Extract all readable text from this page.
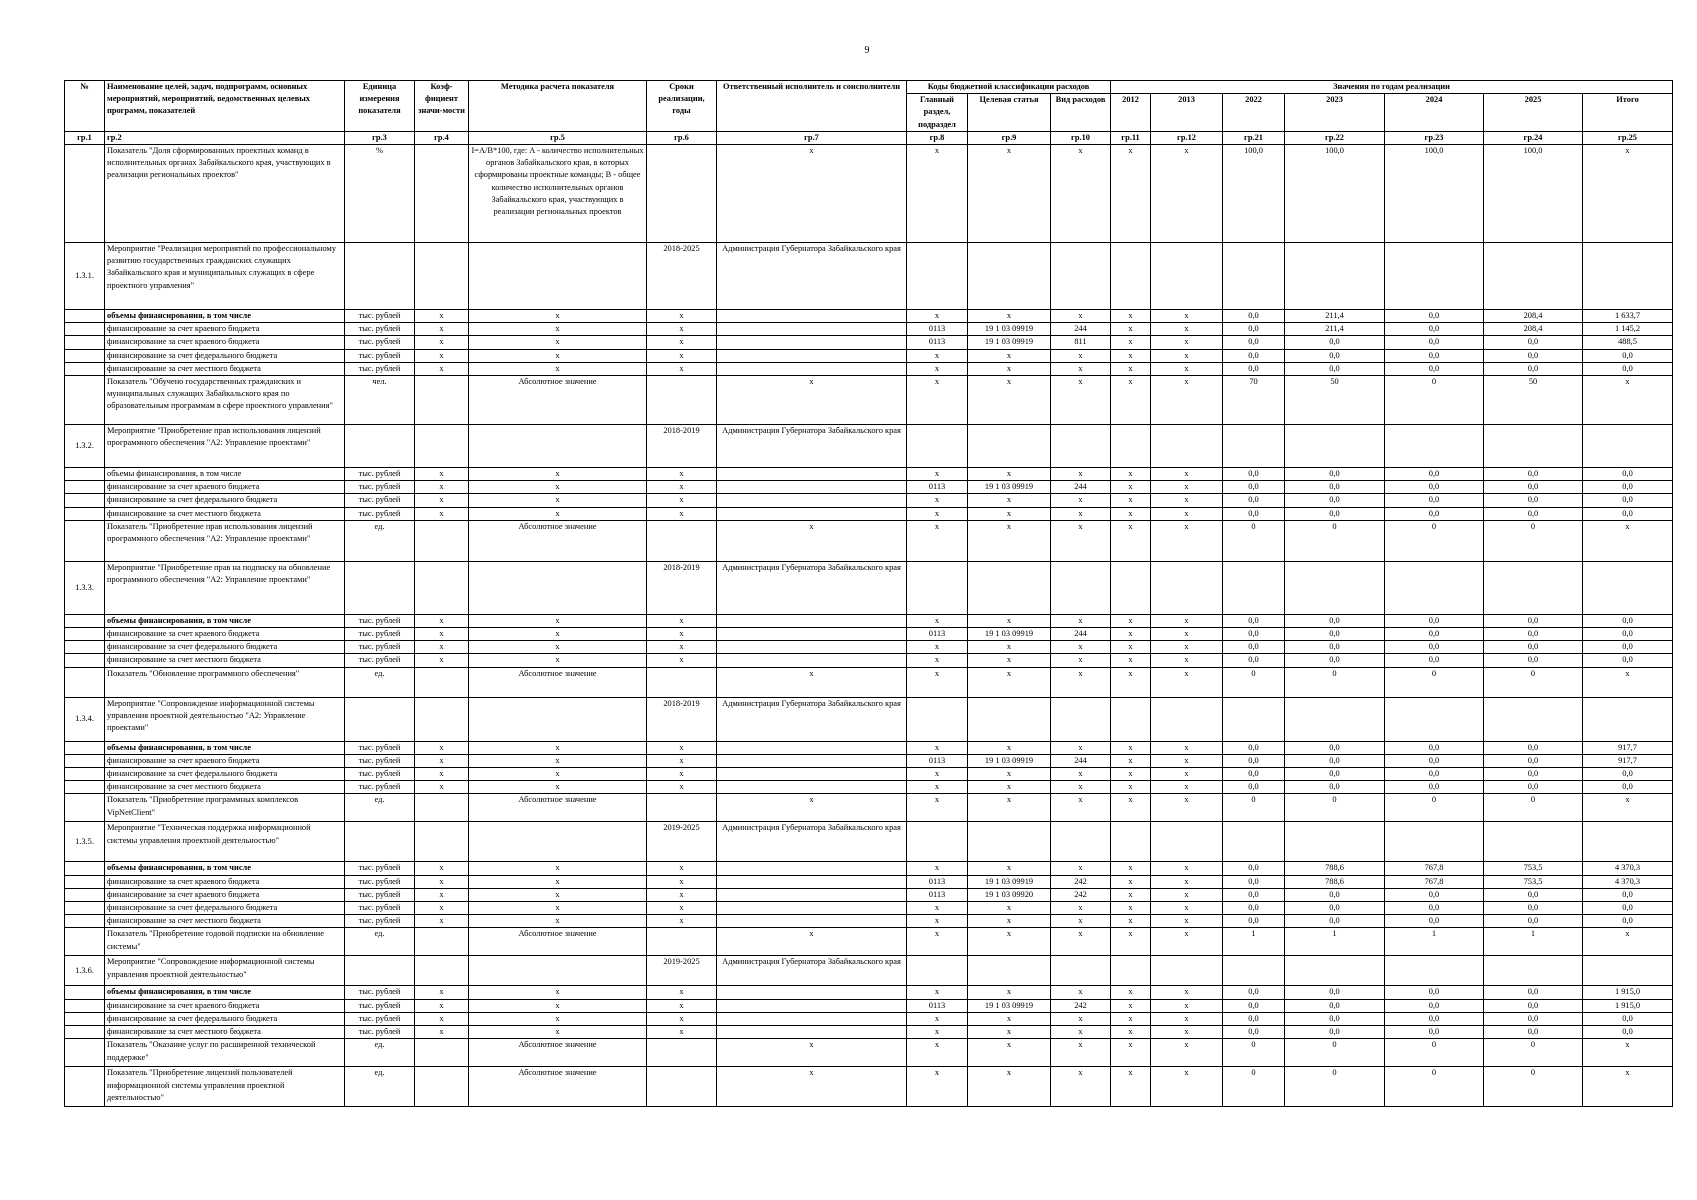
9
№	Наименование целей, задач, подпрограмм, основных мероприятий, мероприятий, ведомственных целевых программ, показателей	Единица измерения показателя	Коэф-фициент значи-мости	Методика расчета показателя	Сроки реализации, годы	Ответственный исполнитель и соисполнители	Коды бюджетной классификации расходов			Значения по годам реализации						
							Главный раздел, подраздел	Целевая статья	Вид расходов	2012	2013	2022	2023	2024	2025	Итого
гр.1	гр.2	гр.3	гр.4	гр.5	гр.6	гр.7	гр.8	гр.9	гр.10	гр.11	гр.12	гр.21	гр.22	гр.23	гр.24	гр.25
	Показатель "Доля сформированных проектных команд в исполнительных органах Забайкальского края, участвующих в реализации региональных проектов"	%		I=A/B*100, где: A - количество исполнительных органов Забайкальского края, в которых сформированы проектные команды; B - общее количество исполнительных органов Забайкальского края, участвующих в реализации региональных проектов		x	x	x	x	x	x	100,0	100,0	100,0	100,0	x
1.3.1.	Мероприятие "Реализация мероприятий по профессиональному развитию государственных гражданских служащих Забайкальского края и муниципальных служащих в сфере проектного управления"				2018-2025	Администрация Губернатора Забайкальского края										
	объемы финансирования, в том числе	тыс. рублей	x	x	x		x	x	x	x	x	0,0	211,4	0,0	208,4	1 633,7
	финансирование за счет краевого бюджета	тыс. рублей	x	x	x		0113	19 1 03 09919	244	x	x	0,0	211,4	0,0	208,4	1 145,2
	финансирование за счет краевого бюджета	тыс. рублей	x	x	x		0113	19 1 03 09919	811	x	x	0,0	0,0	0,0	0,0	488,5
	финансирование за счет федерального бюджета	тыс. рублей	x	x	x		x	x	x	x	x	0,0	0,0	0,0	0,0	0,0
	финансирование за счет местного бюджета	тыс. рублей	x	x	x		x	x	x	x	x	0,0	0,0	0,0	0,0	0,0
	Показатель "Обучено государственных гражданских и муниципальных служащих Забайкальского края по образовательным программам в сфере проектного управления"	чел.		Абсолютное значение		x	x	x	x	x	x	70	50	0	50	x
1.3.2.	Мероприятие "Приобретение прав использования лицензий программного обеспечения "А2: Управление проектами"				2018-2019	Администрация Губернатора Забайкальского края										
	объемы финансирования, в том числе	тыс. рублей	x	x	x		x	x	x	x	x	0,0	0,0	0,0	0,0	0,0
	финансирование за счет краевого бюджета	тыс. рублей	x	x	x		0113	19 1 03 09919	244	x	x	0,0	0,0	0,0	0,0	0,0
	финансирование за счет федерального бюджета	тыс. рублей	x	x	x		x	x	x	x	x	0,0	0,0	0,0	0,0	0,0
	финансирование за счет местного бюджета	тыс. рублей	x	x	x		x	x	x	x	x	0,0	0,0	0,0	0,0	0,0
	Показатель "Приобретение прав использования лицензий программного обеспечения "А2: Управление проектами"	ед.		Абсолютное значение		x	x	x	x	x	x	0	0	0	0	x
1.3.3.	Мероприятие "Приобретение прав на подписку на обновление программного обеспечения "А2: Управление проектами"				2018-2019	Администрация Губернатора Забайкальского края										
	объемы финансирования, в том числе	тыс. рублей	x	x	x		x	x	x	x	x	0,0	0,0	0,0	0,0	0,0
	финансирование за счет краевого бюджета	тыс. рублей	x	x	x		0113	19 1 03 09919	244	x	x	0,0	0,0	0,0	0,0	0,0
	финансирование за счет федерального бюджета	тыс. рублей	x	x	x		x	x	x	x	x	0,0	0,0	0,0	0,0	0,0
	финансирование за счет местного бюджета	тыс. рублей	x	x	x		x	x	x	x	x	0,0	0,0	0,0	0,0	0,0
	Показатель "Обновление программного обеспечения"	ед.		Абсолютное значение		x	x	x	x	x	x	0	0	0	0	x
1.3.4.	Мероприятие "Сопровождение информационной системы управления проектной деятельностью "А2: Управление проектами"				2018-2019	Администрация Губернатора Забайкальского края										
	объемы финансирования, в том числе	тыс. рублей	x	x	x		x	x	x	x	x	0,0	0,0	0,0	0,0	917,7
	финансирование за счет краевого бюджета	тыс. рублей	x	x	x		0113	19 1 03 09919	244	x	x	0,0	0,0	0,0	0,0	917,7
	финансирование за счет федерального бюджета	тыс. рублей	x	x	x		x	x	x	x	x	0,0	0,0	0,0	0,0	0,0
	финансирование за счет местного бюджета	тыс. рублей	x	x	x		x	x	x	x	x	0,0	0,0	0,0	0,0	0,0
	Показатель "Приобретение программных комплексов VipNetClient"	ед.		Абсолютное значение		x	x	x	x	x	x	0	0	0	0	x
1.3.5.	Мероприятие "Техническая поддержка информационной системы управления проектной деятельностью"				2019-2025	Администрация Губернатора Забайкальского края										
	объемы финансирования, в том числе	тыс. рублей	x	x	x		x	x	x	x	x	0,0	788,6	767,8	753,5	4 370,3
	финансирование за счет краевого бюджета	тыс. рублей	x	x	x		0113	19 1 03 09919	242	x	x	0,0	788,6	767,8	753,5	4 370,3
	финансирование за счет краевого бюджета	тыс. рублей	x	x	x		0113	19 1 03 09920	242	x	x	0,0	0,0	0,0	0,0	0,0
	финансирование за счет федерального бюджета	тыс. рублей	x	x	x		x	x	x	x	x	0,0	0,0	0,0	0,0	0,0
	финансирование за счет местного бюджета	тыс. рублей	x	x	x		x	x	x	x	x	0,0	0,0	0,0	0,0	0,0
	Показатель "Приобретение годовой подписки на обновление системы"	ед.		Абсолютное значение		x	x	x	x	x	x	1	1	1	1	x
1.3.6.	Мероприятие "Сопровождение информационной системы управления проектной деятельностью"				2019-2025	Администрация Губернатора Забайкальского края										
	объемы финансирования, в том числе	тыс. рублей	x	x	x		x	x	x	x	x	0,0	0,0	0,0	0,0	1 915,0
	финансирование за счет краевого бюджета	тыс. рублей	x	x	x		0113	19 1 03 09919	242	x	x	0,0	0,0	0,0	0,0	1 915,0
	финансирование за счет федерального бюджета	тыс. рублей	x	x	x		x	x	x	x	x	0,0	0,0	0,0	0,0	0,0
	финансирование за счет местного бюджета	тыс. рублей	x	x	x		x	x	x	x	x	0,0	0,0	0,0	0,0	0,0
	Показатель "Оказание услуг по расширенной технической поддержке"	ед.		Абсолютное значение		x	x	x	x	x	x	0	0	0	0	x
	Показатель "Приобретение лицензий пользователей информационной системы управления проектной деятельностью"	ед.		Абсолютное значение		x	x	x	x	x	x	0	0	0	0	x
